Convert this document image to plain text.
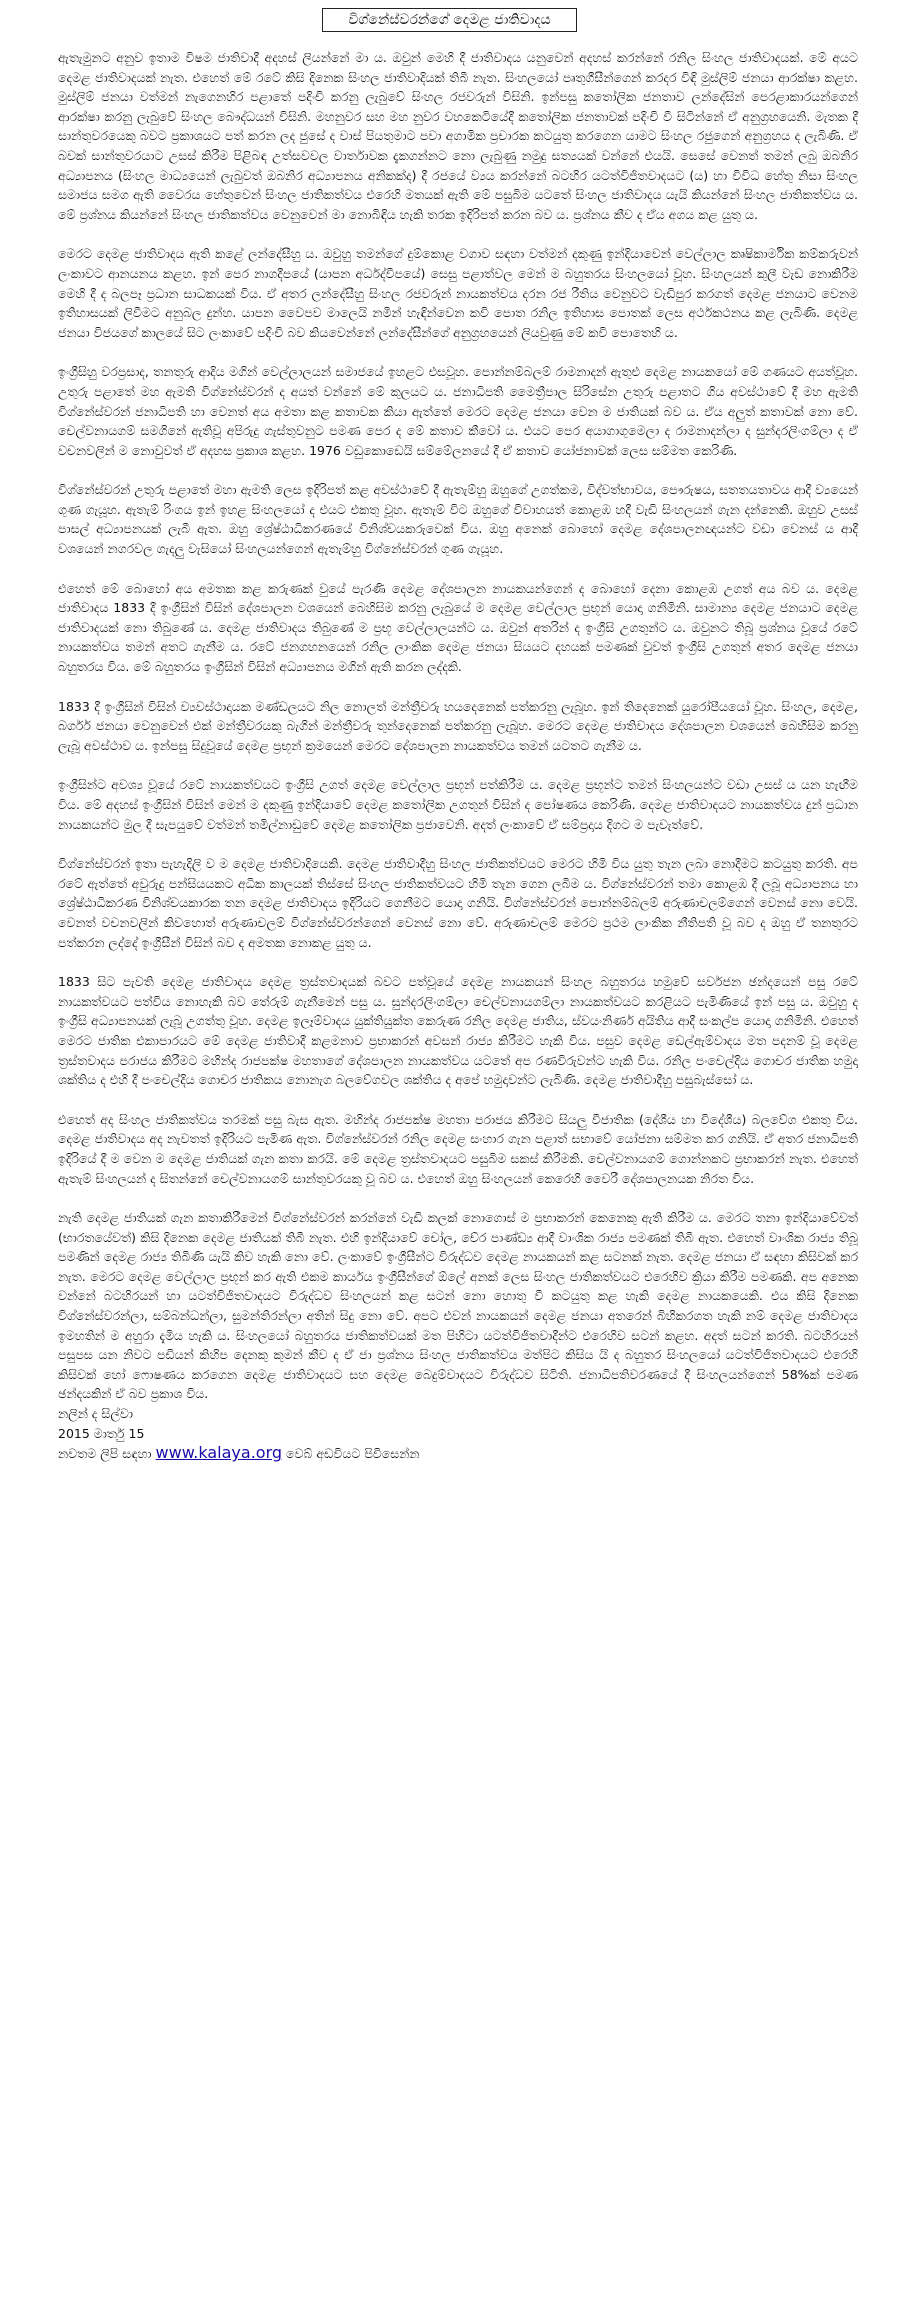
විග්නේස්වරන්ගේ දෙමළ ජාතිවාදය

ඇතැමුනට අනුව ඉතාම විෂම ජාතිවාදී අදහස් ලියන්නේ මා ය. ඔවුන් මෙහි දී ජාතිවාදය යනුවෙන් අදහස් කරන්නේ රනිල සිංහල ජාතිවාදයක්. මේ අයට දෙමළ ජාතිවාදයක් නැත. එහෙත් මේ රටේ කිසි දිනෙක සිංහල ජාතිවාදියක් තිබී නැත. සිංහලයෝ පෘතුගීසීන්ගෙන් කරදර විඳි මුස්ලිම් ජනයා ආරක්ෂා කළහ. මුස්ලිම් ජනයා වත්මන් නැගෙනහිර පළාතේ පදිංචි කරනු ලැබුවේ සිංහල රජවරුන් විසිනි. ඉන්පසු කතෝලික ජනතාව ලන්දේසින් පෙරළාකාරයන්ගෙන් ආරක්ෂා කරනු ලැබුවේ සිංහල බෞද්ධයන් විසිනි. මහනුවර සහ මහ නුවර වහකෙටියේදී කතෝලික ජනතාවක් පදිංචි වී සිටින්නේ ඒ අනුග්‍රහයෙනි. මැතක දී සාන්තුවරයෙකු බවට ප්‍රකාශයට පත් කරන ලද ජුසේ ද වාස් පියතුමාට පවා අගාමික ප්‍රචාරක කටයුතු කරගෙන යාමට සිංහල රජුගෙන් අනුග්‍රහය ද ලැබිණි. ඒ බවක් සාන්තුවරයාට උසස් කිරීම පිළිබඳ උත්සවවල වාර්තාවක දැකගන්නට නො ලැබුණු නමුදු සත්‍යයක් වන්නේ එයයි. සෙසේ වෙනත් තමන් ලබු ඔබනිර අධ්‍යාපනය (සිංහල මාධ්‍යයෙන් ලැබුවත් ඔබනිර අධ්‍යාපනය අනිකක්ද) දී රජයේ ව්‍යය කරන්නේ බටහිර යටත්විජිතවාදයට (ය) හා විවිධ හේතු නිසා සිංහල සමාජය සමග ඇති වෛරය හේතුවෙන් සිංහල ජාතිකත්වය එරෙහි මතයක් ඇති මේ පසුබිම යටතේ සිංහල ජාතිවාදය යැයි කියන්නේ සිංහල ජාතිකත්වය ය. මේ ප්‍රශ්නය කියන්නේ සිංහල ජාතිකත්වය වෙනුවෙන් මා නොබිඳිය හැකි තරක ඉදිරිපත් කරන බව ය. ප්‍රශ්නය කීව ද ඒය අගය කළ යුතු ය.

මෙරට දෙමළ ජාතිවාදය ඇති කළේ ලන්දේසීහු ය. ඔවුහු තමන්ගේ දුම්කොළ වගාව සඳහා වත්මන් දකුණු ඉන්දියාවෙන් වෙල්ලාල කෘෂිකාර්මික කම්කරුවන් ලංකාවට ආනයනය කළහ. ඉන් පෙර නාගදීපයේ (යාපන අර්ධද්වීපයේ) සෙසු පළාත්වල මෙන් ම බහුතරය සිංහලයෝ වූහ. සිංහලයන් කුලී වැඩ නොකිරීම මෙහි දී ද බලපෑ ප්‍රධාන සාධකයක් විය. ඒ අතර ලන්දේසීහු සිංහල රජවරුන් නායකත්වය දරන රජ රීතිය වෙනුවට වැඩිපුර කරගත් දෙමළ ජනයාට වෙනම ඉතිහාසයක් ලිවීමට අනුබල දුන්හ. යාපන වෛපව මාලෙයි නමින් හැඳින්වෙන කවි පොත රනිල ඉතිහාස පොතක් ලෙස අර්ථකථනය කළ ලැබිණි. දෙමළ ජනයා විජයගේ කාලයේ සිට ලංකාවේ පදිංචි බව කියවෙන්නේ ලන්දේසීන්ගේ අනුග්‍රහයෙන් ලියවුණු මේ කවි පොතෙහි ය.

ඉංග්‍රීසිහු වරප්‍රසාද, තනතුරු ආදිය මගින් වෙල්ලාලයන් සමාජයේ ඉහළට එසවූහ. පොන්නම්බලම් රාමනාදන් ඇතුළු දෙමළ නායකයෝ මේ ගණයට අයත්වූහ. උතුරු පළාතේ මහ ඇමති විග්නේස්වරන් ද අයත් වන්නේ මේ කුලයට ය. ජනාධිපති මෛත්‍රීපාල සිරිසේන උතුරු පළාතට ගිය අවස්ථාවේ දී මහ ඇමති විග්නේස්වරන් ජනාධිපති හා වෙනත් අය අමතා කළ කතාවක කියා ඇත්තේ මෙරට දෙමළ ජනයා වෙන ම ජාතියක් බව ය. ඒය අලුත් කතාවක් නො වේ. චෙල්වනායගම් සමගිනේ ඇතිවූ අපිරුදු ගැස්තුවනුට පමණ පෙර ද මේ කතාව කීවෝ ය. එයට පෙර අයාගාගුමෙලා ද රාමනාදන්ලා ද සුන්දරලිංගම්ලා ද ඒ වචනවලින් ම නොවුවත් ඒ අදහස ප්‍රකාශ කළහ. 1976 වඩුකොඩෙයි සම්මේලනයේ දී ඒ කතාව යෝජනාවක් ලෙස සම්මත කෙරිණි.

විග්නේස්වරන් උතුරු පළාතේ මහා ඇමති ලෙස ඉදිරිපත් කළ අවස්ථාවේ දී ඇතැම්හු ඔහුගේ උගත්කම, විද්වත්භාවය, පෞරුෂය, සතතයතාවය ආදී ව්‍යයෙන් ගුණ ගැයූහ. ඇතැම් රිංගය ඉන් ඉහළ සිංහලයෝ ද එයට එකතු වූහ. ඇතැම් විට ඔහුගේ විවාහයත් කොළඹ හදී වැඩි සිංහලයන් ගැන දන්නෙකි. ඔහුව උසස් පාසල් අධ්‍යාපනයක් ලැබී ඇත. ඔහු ශ්‍රේෂ්ඨාධිකරණයේ විනිශ්චයකරුවෙක් විය. ඔහු අනෙක් බොහෝ දෙමළ දේශපාලනඥයන්ට වඩා වෙනස් ය ආදී වශයෙන් නගරවල ගැදලු වැසියෝ සිංහලයන්ගෙන් ඇතැම්හු විග්නේස්වරන් ගුණ ගැයූහ.

එහෙත් මේ බොහෝ අය අමතක කළ කරුණක් වුයේ පැරණි දෙමළ දේශපාලන නායකයන්ගෙන් ද බොහෝ දෙනා කොළඹ උගත් අය බව ය. දෙමළ ජාතිවාදය 1833 දී ඉංග්‍රීසින් විසින් දේශපාලන වශයෙන් බෙහිසිම කරනු ලැබුයේ ම දෙමළ වෙල්ලාල ප්‍රභූන් යොදා ගනිමිනි. සාමාන්‍ය දෙමළ ජනයාට දෙමළ ජාතිවාදයක් නො තිබුණේ ය. දෙමළ ජාතිවාදය තිබුණේ ම ප්‍රභූ වෙල්ලාලයන්ට ය. ඔවුන් අතරින් ද ඉංග්‍රීසි උගතුන්ට ය. ඔවුනට තිබූ ප්‍රශ්නය වූයේ රටේ නායකත්වය තමන් අතට ගැනීම ය. රටේ ජනගහනයෙන් රනිල ලාංකික දෙමළ ජනයා සියයට දහයක් පමණක් වුවත් ඉංග්‍රීසි උගතුන් අතර දෙමළ ජනයා බහුතරය විය. මේ බහුතරය ඉංග්‍රීසින් විසින් අධ්‍යාපනය මගින් ඇති කරන ලද්දකි.

1833 දී ඉංග්‍රීසින් විසින් ව්‍යවස්ථාදායක මණ්ඩලයට නිල නොලත් මන්ත්‍රීවරු හයදෙනෙක් පත්කරනු ලැබූහ. ඉන් තිදෙනෙක් යුරෝපීයයෝ වූහ. සිංහල, දෙමළ, බර්ගර් ජනයා වෙනුවෙන් එක් මන්ත්‍රීවරයකු බැගින් මන්ත්‍රීවරු තුන්දෙනෙක් පත්කරනු ලැබූහ. මෙරට දෙමළ ජාතිවාදය දේශපාලන වශයෙන් බෙහිසිම කරනු ලැබූ අවස්ථාව ය. ඉන්පසු සිදුවූයේ දෙමළ ප්‍රභූන් ක්‍රමයෙන් මෙරට දේශපාලන නායකත්වය තමන් යටතට ගැනීම ය.

ඉංග්‍රීසින්ට අවශ්‍ය වූයේ රටේ නායකත්වයට ඉංග්‍රීසි උගත් දෙමළ වෙල්ලාල ප්‍රභූන් පත්කිරීම ය. දෙමළ ප්‍රභූන්ට තමන් සිංහලයන්ට වඩා උසස් ය යන හැඟීම විය. මේ අදහස් ඉංග්‍රීසින් විසින් මෙන් ම දකුණු ඉන්දියාවේ දෙමළ කතෝලික උගතුන් විසින් ද පෝෂණය කෙරිණි. දෙමළ ජාතිවාදයට නායකත්වය දුන් ප්‍රධාන නායකයන්ට මුල දී සැපයුවේ වත්මන් තමිල්නාඩුවේ දෙමළ කතෝලික ප්‍රජාවෙනි. අදත් ලංකාවේ ඒ සම්ප්‍රදාය දිගට ම පැවැත්වේ.

විග්නේස්වරන් ඉතා පැහැදිලි ව ම දෙමළ ජාතිවාදියෙකි. දෙමළ ජාතිවාදීහු සිංහල ජාතිකත්වයට මෙරට හිමි විය යුතු තැන ලබා නොදීමට කටයුතු කරති. අප රටේ ඇත්තේ අවුරුදු පන්සියයකට අධික කාලයක් තිස්සේ සිංහල ජාතිකත්වයට හිමි තැන ගෙන ලබීම ය. විග්නේස්වරන් තමා කොළඹ දී ලබූ අධ්‍යාපනය හා ශ්‍රේෂ්ඨාධිකරණ විනිශ්චයකාරක තන දෙමළ ජාතිවාදය ඉදිරියට ගෙනීමට යොදා ගනියි. විග්නේස්වරන් පොන්නම්බලම් අරුණාචලම්ගෙන් වෙනස් නො වෙයි. වෙනත් වචනවලින් කිවහොත් අරුණාචලම් විග්නේස්වරන්ගෙන් වෙනස් නො වේ. අරුණාචලම් මෙරට ප්‍රථම ලාංකික නීතිපති වූ බව ද ඔහු ඒ තනතුරට පත්කරන ලද්දේ ඉංග්‍රීසීන් විසින් බව ද අමතක නොකළ යුතු ය.

1833 සිට පැවති දෙමළ ජාතිවාදය දෙමළ ත්‍රස්තවාදයක් බවට පත්වූයේ දෙමළ නායකයන් සිංහල බහුතරය හමුවේ සර්වජන ඡන්දයෙන් පසු රටේ නායකත්වයට පත්විය නොහැකි බව තේරුම් ගැනීමෙන් පසු ය. සුන්දරලිංගම්ලා චෙල්වනායගම්ලා නායකත්වයට කරළියට පැමිණියේ ඉන් පසු ය. ඔවුහු ද ඉංග්‍රීසි අධ්‍යාපනයක් ලැබූ උගත්තු වූහ. දෙමළ ඉලෑම්වාදය යුක්තියුක්ත කෙරුණ රනිල දෙමළ ජාතිය, ස්වයංනිර්ණ අයිතිය ආදී සංකල්ප යොදා ගනිමිනි. එහෙත් මෙරට ජාතික එකාපාරයට මේ දෙමළ ජාතිවාදී කළමනාව ප්‍රභාකරන් අවසන් රාජ්‍ය කිරීමට හැකි විය. පසුව දෙමළ ඩෙල්ඇම්වාදය මත පදනම් වූ දෙමළ ත්‍රස්තවාදය පරාජය කිරීමට මහින්ද රාජපක්ෂ මහතාගේ දේශපාලන නායකත්වය යටතේ අප රණවිරුවන්ට හැකි විය. රනිල පංචෙල්දිය ගොචර ජාතික හමුදා ශක්තිය ද එහි දී පංචෙල්දිය ගොචර ජාතිකය නොනැග බලවේගවල ශක්තිය ද අපේ හමුදාවන්ට ලැබිණි. දෙමළ ජාතිවාදීහු පසුබැස්සෝ ය.

එහෙත් අද සිංහල ජාතිකත්වය තරමක් පසු බැස ඇත. මහින්ද රාජපක්ෂ මහතා පරාජය කිරීමට සියලු විජාතික (දේශීය හා විදේශීය) බලවේග එකතු විය. දෙමළ ජාතිවාදය අද නැවතත් ඉදිරියට පැමිණ ඇත. විග්නේස්වරන් රනිල දෙමළ සංහාර ගැන පළාත් සභාවේ යෝජනා සම්මත කර ගනියි. ඒ අතර ජනාධිපති ඉදිරියේ දී ම වෙන ම දෙමළ ජාතියක් ගැන කතා කරයි. මේ දෙමළ ත්‍රස්තවාදයට පසුබිම සකස් කිරීමකි. චෙල්වනායගම් ගොන්නකට ප්‍රභාකරන් නැත. එහෙත් ඇතැම් සිංහලයන් ද සිතන්නේ චෙල්වනායගම් සාන්තුවරයකු වූ බව ය. එහෙත් ඔහු සිංහලයන් කෙරෙහි වෛරී දේශපාලනයක නිරත විය.

නැති දෙමළ ජාතියක් ගැන කතාකිරීමෙන් විග්නේස්වරන් කරන්නේ වැඩි කලක් නොගොස් ම ප්‍රභාකරන් කෙනෙකු ඇති කිරීම ය. මෙරට තනා ඉන්දියාවේවත් (භාරතයේවත්) කිසි දිනෙක දෙමළ ජාතියක් තිබී නැත. එහි ඉන්දියාවේ චෝල, චේර පාණ්ඩ්‍ය ආදී වාංශික රාජ්‍ය පමණක් තිබී ඇත. එහෙත් වාංශික රාජ්‍ය තිබූ පමණින් දෙමළ රාජ්‍ය තිබිණි යැයි කිව හැකි නො වේ. ලංකාවේ ඉංග්‍රීසීන්ට විරුද්ධව දෙමළ නායකයන් කළ සටනක් නැත. දෙමළ ජනයා ඒ සඳහා කිසිවක් කර නැත. මෙරට දෙමළ වෙල්ලාල ප්‍රභූන් කර ඇති එකම කාර්යය ඉංග්‍රීසීන්ගේ ඕලේ අනක් ලෙස සිංහල ජාතිකත්වයට එරෙහිව ක්‍රියා කිරීම පමණකි. අප අනෙක වන්නේ බටහිරයන් හා යටත්විජිතවාදයට විරුද්ධව සිංහලයන් කළ සටන් නො හොතු වී කටයුතු කළ හැකි දෙමළ නායකයෙකි. එය කිසි දිනෙක විග්නේස්වරන්ලා, සම්බන්ධන්ලා, සුමන්තිරන්ලා අතින් සිදු නො වේ. අපට එවන් නායකයන් දෙමළ ජනයා අතරෙන් බිහිකරගත හැකි නම් දෙමළ ජාතිවාදය ඉමහතින් ම අහුරා දැමිය හැකි ය. සිංහලයෝ බහුතරය ජාතිකත්වයක් මත පිහිටා යටත්විජිතවාදීන්ට එරෙහිව සටන් කළහ. අදත් සටන් කරති. බටහිරයන් පසුපස යන නිවට පඩියන් කිහිප දෙනකු කුමන් කීව ද ඒ ජා ප්‍රශ්නය සිංහල ජාතිකත්වය මත්පිට කිසිය යි ද බහුතර සිංහලයෝ යටත්විජිතවාදයට එරෙහි කිසිවක් හෝ ෆොෂණය කරගෙන දෙමළ ජාතිවාදයට සහ දෙමළ බෙදුම්වාදයට විරුද්ධව සිටිති. ජනාධිපතිවරණයේ දී සිංහලයන්ගෙන් 58%ක් පමණ ඡන්දයකින් ඒ බව ප්‍රකාශ විය.

නලින් ද සිල්වා

2015 මාර්තු 15

නවතම ලිපි සඳහා www.kalaya.org වෙබ් අඩවියට පිවිසෙන්න
